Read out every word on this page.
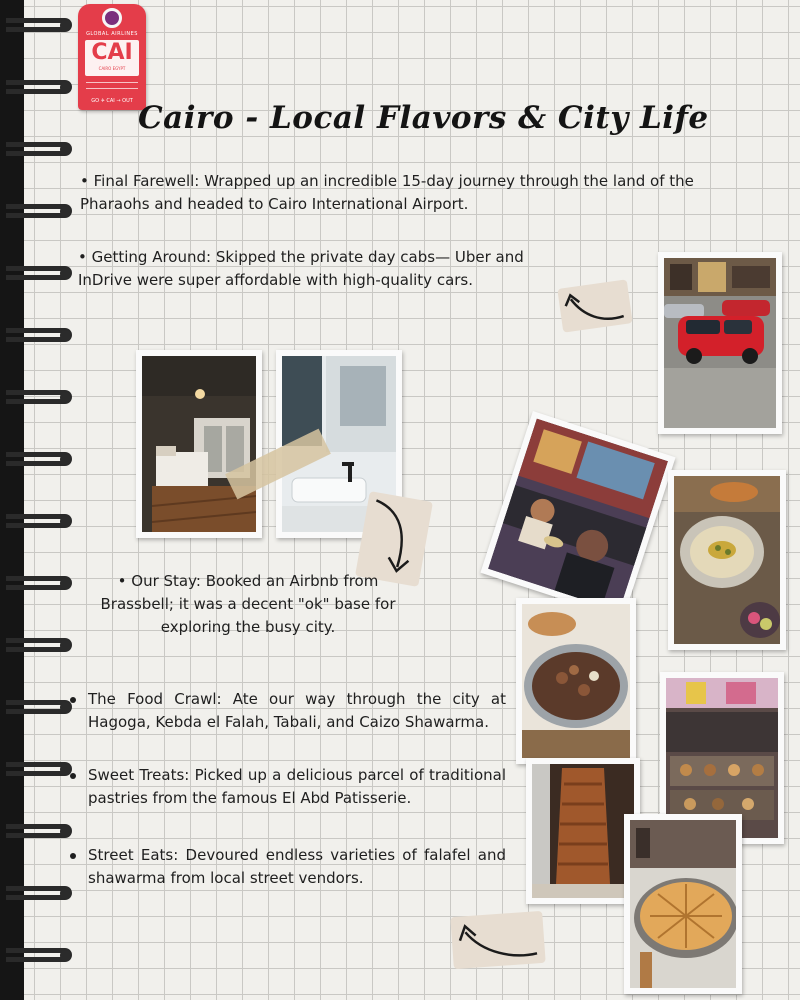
GLOBAL AIRLINES
CAI
CAIRO EGYPT
GO ✈ CAI → OUT Cairo - Local Flavors & City Life
• Final Farewell: Wrapped up an incredible 15-day journey through the land of the Pharaohs and headed to Cairo International Airport.
• Getting Around: Skipped the private day cabs— Uber and InDrive were super affordable with high-quality cars.
• Our Stay: Booked an Airbnb from Brassbell; it was a decent "ok" base for exploring the busy city.
The Food Crawl: Ate our way through the city at Hagoga, Kebda el Falah, Tabali, and Caizo Shawarma.
Sweet Treats: Picked up a delicious parcel of traditional pastries from the famous El Abd Patisserie.
Street Eats: Devoured endless varieties of falafel and shawarma from local street vendors.
